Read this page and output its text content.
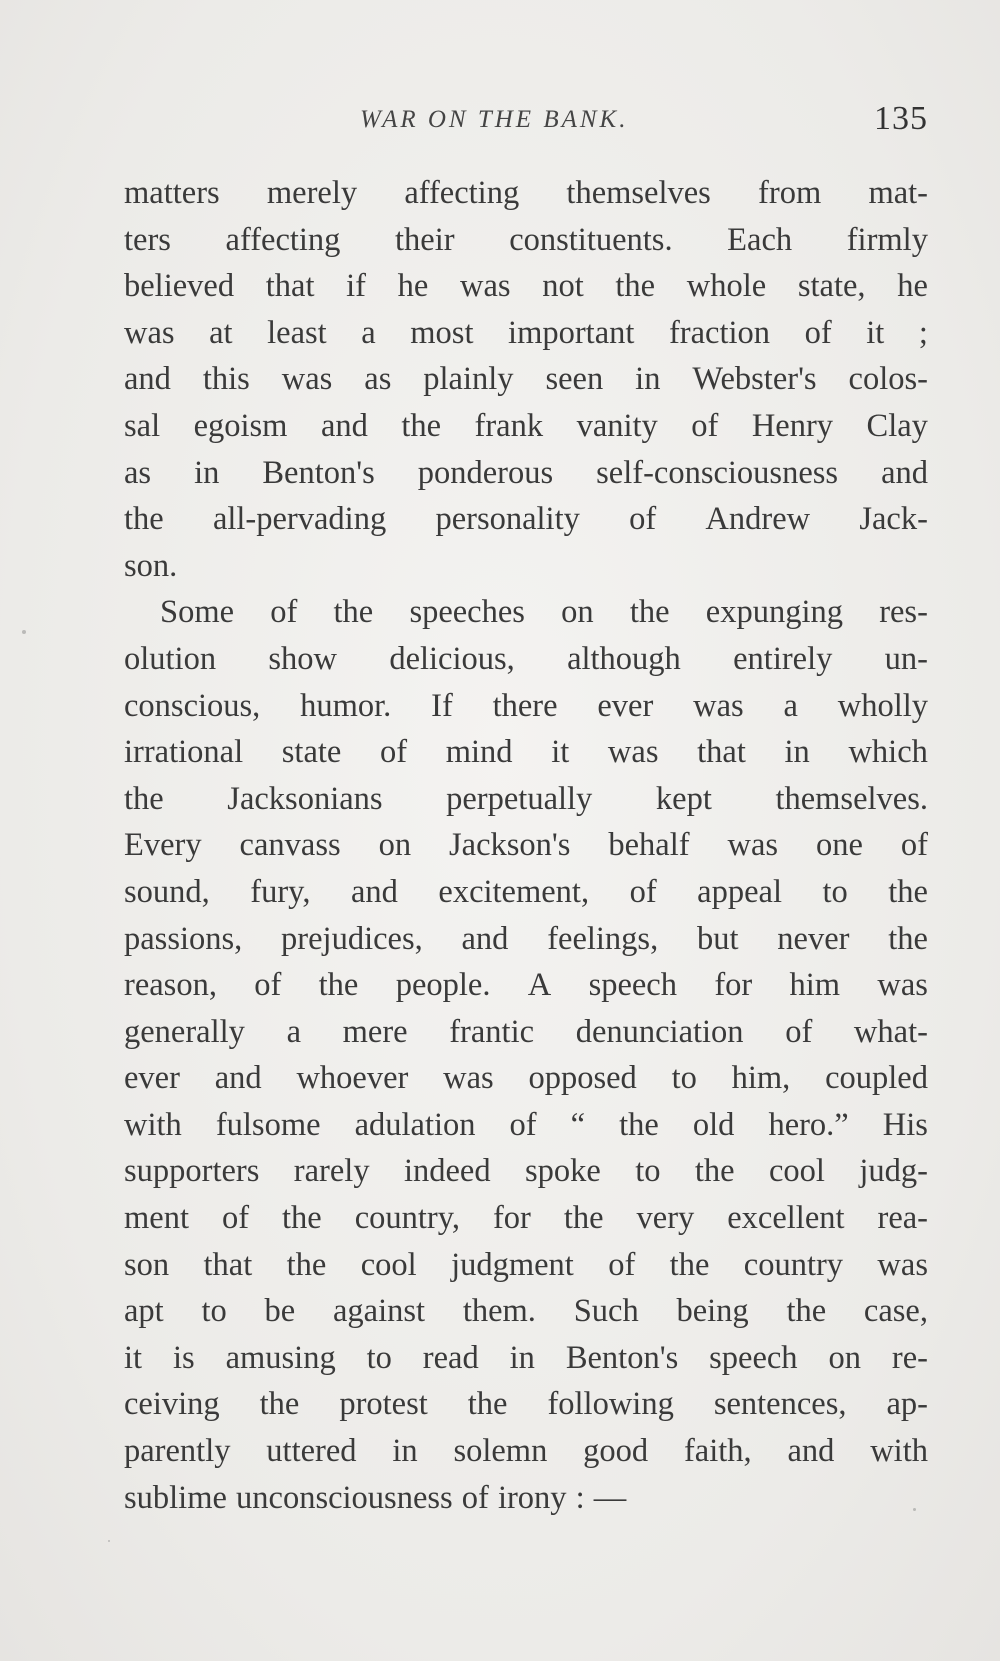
WAR ON THE BANK.	135
matters merely affecting themselves from mat-
ters affecting their constituents. Each firmly
believed that if he was not the whole state, he
was at least a most important fraction of it ;
and this was as plainly seen in Webster's colos-
sal egoism and the frank vanity of Henry Clay
as in Benton's ponderous self-consciousness and
the all-pervading personality of Andrew Jack-
son.
Some of the speeches on the expunging res-
olution show delicious, although entirely un-
conscious, humor. If there ever was a wholly
irrational state of mind it was that in which
the Jacksonians perpetually kept themselves.
Every canvass on Jackson's behalf was one of
sound, fury, and excitement, of appeal to the
passions, prejudices, and feelings, but never the
reason, of the people. A speech for him was
generally a mere frantic denunciation of what-
ever and whoever was opposed to him, coupled
with fulsome adulation of “ the old hero.” His
supporters rarely indeed spoke to the cool judg-
ment of the country, for the very excellent rea-
son that the cool judgment of the country was
apt to be against them. Such being the case,
it is amusing to read in Benton's speech on re-
ceiving the protest the following sentences, ap-
parently uttered in solemn good faith, and with
sublime unconsciousness of irony : —
